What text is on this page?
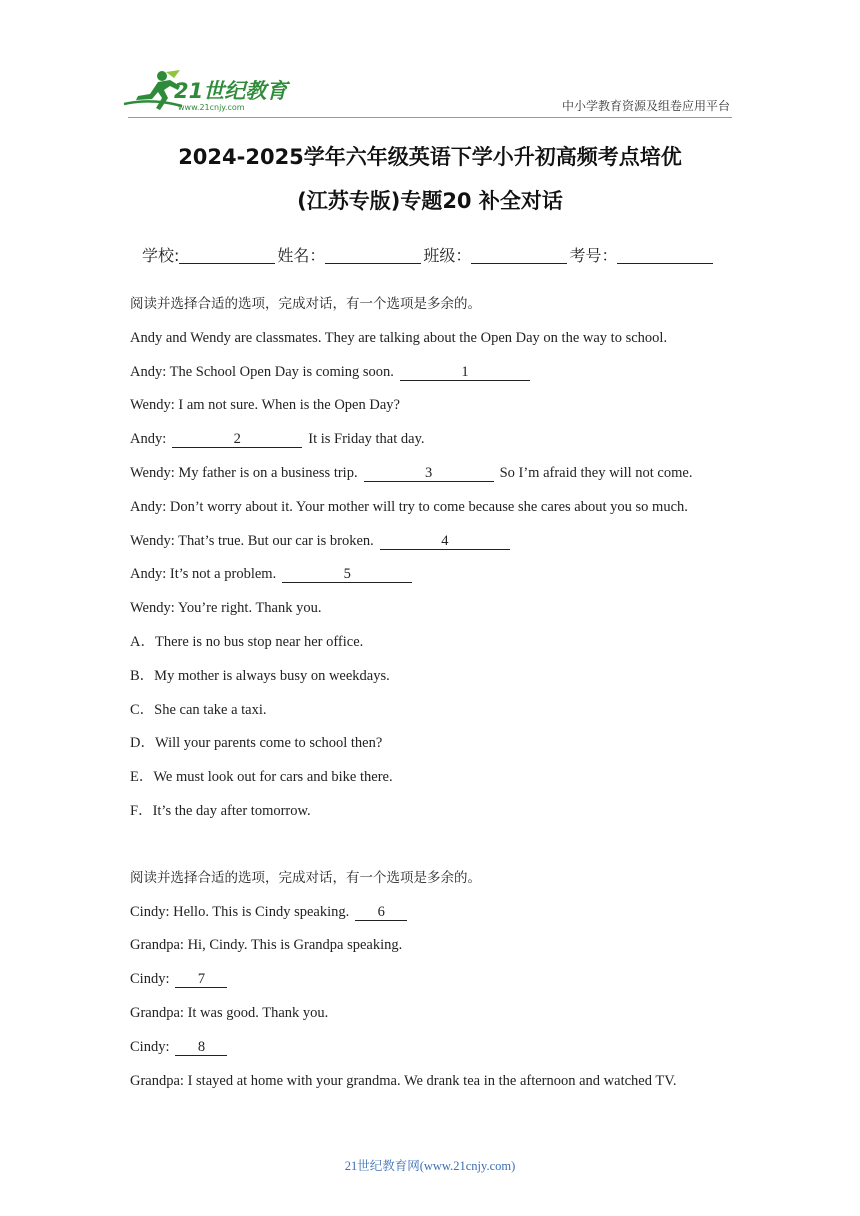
21世纪教育
www.21cnjy.com	中小学教育资源及组卷应用平台
2024-2025学年六年级英语下学小升初高频考点培优
(江苏专版)专题20 补全对话
学校:	姓名：	班级：	考号：
阅读并选择合适的选项，完成对话，有一个选项是多余的。
Andy and Wendy are classmates. They are talking about the Open Day on the way to school.
Andy: The School Open Day is coming soon.	1
Wendy: I am not sure. When is the Open Day?
Andy:	2	It is Friday that day.
Wendy: My father is on a business trip.	3	So I’m afraid they will not come.
Andy: Don’t worry about it. Your mother will try to come because she cares about you so much.
Wendy: That’s true. But our car is broken.	4
Andy: It’s not a problem.	5
Wendy: You’re right. Thank you.
A．There is no bus stop near her office.
B．My mother is always busy on weekdays.
C．She can take a taxi.
D．Will your parents come to school then?
E．We must look out for cars and bike there.
F．It’s the day after tomorrow.
阅读并选择合适的选项，完成对话，有一个选项是多余的。
Cindy: Hello. This is Cindy speaking. 6
Grandpa: Hi, Cindy. This is Grandpa speaking.
Cindy: 7
Grandpa: It was good. Thank you.
Cindy: 8
Grandpa: I stayed at home with your grandma. We drank tea in the afternoon and watched TV.
21世纪教育网(www.21cnjy.com)
